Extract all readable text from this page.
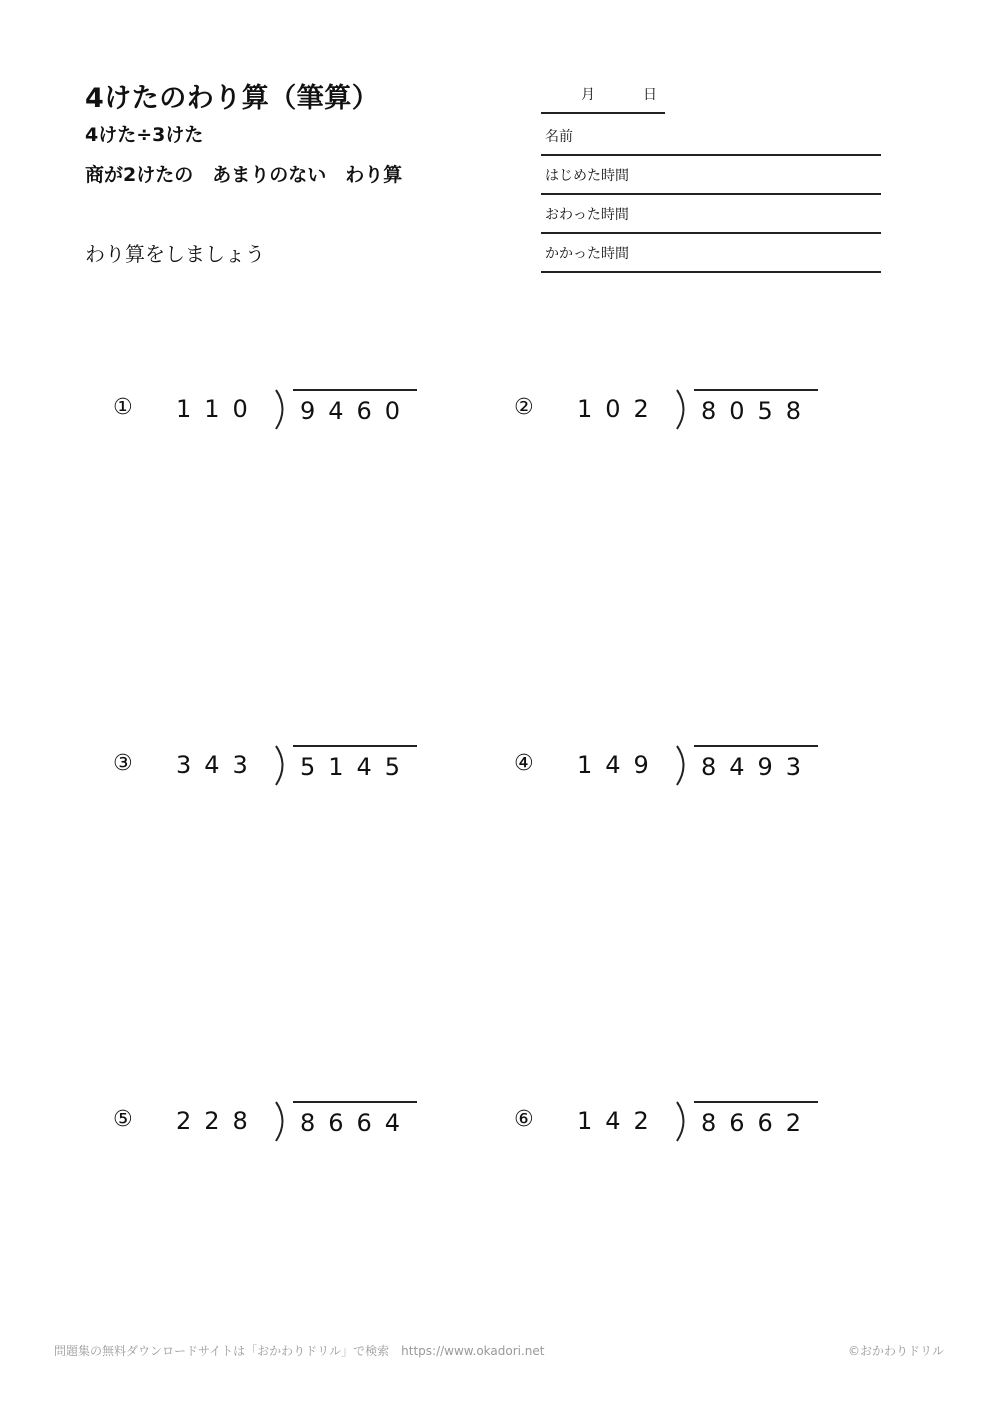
4けたのわり算（筆算）
4けた÷3けた
商が2けたの　あまりのない　わり算
わり算をしましょう
月	日
名前
はじめた時間
おわった時間
かかった時間
① 110 9460	② 102 8058
③ 343 5145	④ 149 8493
⑤ 228 8664	⑥ 142 8662
問題集の無料ダウンロードサイトは「おかわりドリル」で検索　https://www.okadori.net	©おかわりドリル
